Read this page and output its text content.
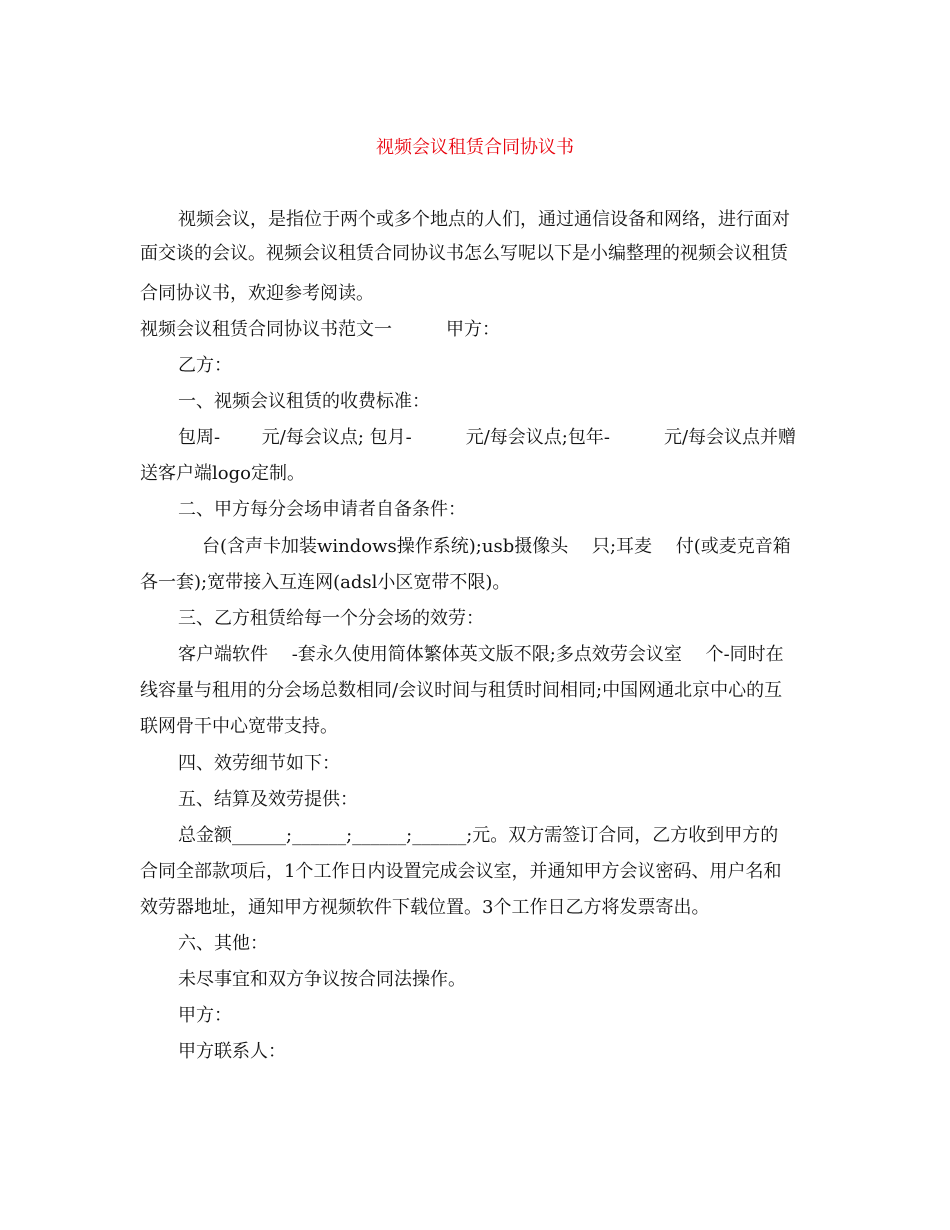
视频会议租赁合同协议书
视频会议，是指位于两个或多个地点的人们，通过通信设备和网络，进行面对
面交谈的会议。视频会议租赁合同协议书怎么写呢以下是小编整理的视频会议租赁
合同协议书，欢迎参考阅读。
视频会议租赁合同协议书范文一　　　甲方：
乙方：
一、视频会议租赁的收费标准：
包周-　　 元/每会议点; 包月-　　　元/每会议点;包年-　　　元/每会议点并赠
送客户端logo定制。
二、甲方每分会场申请者自备条件：
台(含声卡加装windows操作系统);usb摄像头　 只;耳麦　 付(或麦克音箱
各一套);宽带接入互连网(adsl小区宽带不限)。
三、乙方租赁给每一个分会场的效劳：
客户端软件　 -套永久使用简体繁体英文版不限;多点效劳会议室　 个-同时在
线容量与租用的分会场总数相同/会议时间与租赁时间相同;中国网通北京中心的互
联网骨干中心宽带支持。
四、效劳细节如下：
五、结算及效劳提供：
总金额______;______;______;______;元。双方需签订合同，乙方收到甲方的
合同全部款项后，1个工作日内设置完成会议室，并通知甲方会议密码、用户名和
效劳器地址，通知甲方视频软件下载位置。3个工作日乙方将发票寄出。
六、其他：
未尽事宜和双方争议按合同法操作。
甲方：
甲方联系人：
